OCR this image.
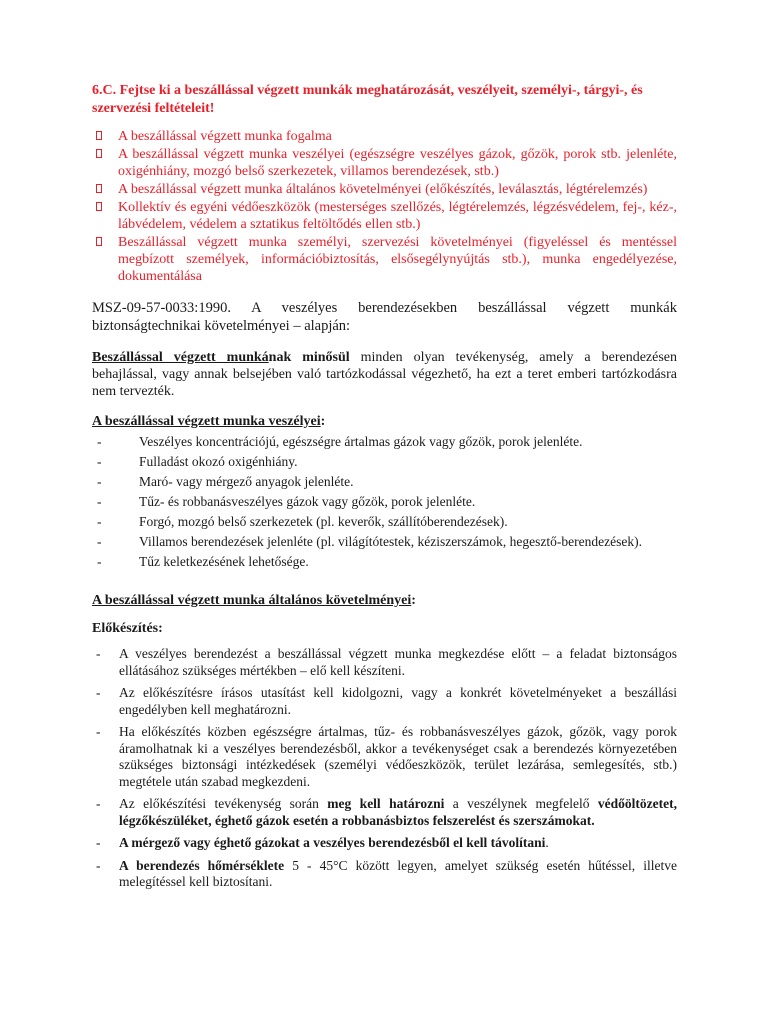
6.C. Fejtse ki a beszállással végzett munkák meghatározását, veszélyeit, személyi-, tárgyi-, és szervezési feltételeit!

A beszállással végzett munka fogalma
A beszállással végzett munka veszélyei (egészségre veszélyes gázok, gőzök, porok stb. jelenléte, oxigénhiány, mozgó belső szerkezetek, villamos berendezések, stb.)
A beszállással végzett munka általános követelményei (előkészítés, leválasztás, légtérelemzés)
Kollektív és egyéni védőeszközök (mesterséges szellőzés, légtérelemzés, légzésvédelem, fej-, kéz-, lábvédelem, védelem a sztatikus feltöltődés ellen stb.)
Beszállással végzett munka személyi, szervezési követelményei (figyeléssel és mentéssel megbízott személyek, információbiztosítás, elsősegélynyújtás stb.), munka engedélyezése, dokumentálása

MSZ-09-57-0033:1990. A veszélyes berendezésekben beszállással végzett munkák biztonságtechnikai követelményei – alapján:

Beszállással végzett munkának minősül minden olyan tevékenység, amely a berendezésen behajlással, vagy annak belsejében való tartózkodással végezhető, ha ezt a teret emberi tartózkodásra nem tervezték.

A beszállással végzett munka veszélyei:

-	Veszélyes koncentrációjú, egészségre ártalmas gázok vagy gőzök, porok jelenléte.
-	Fulladást okozó oxigénhiány.
-	Maró- vagy mérgező anyagok jelenléte.
-	Tűz- és robbanásveszélyes gázok vagy gőzök, porok jelenléte.
-	Forgó, mozgó belső szerkezetek (pl. keverők, szállítóberendezések).
-	Villamos berendezések jelenléte (pl. világítótestek, kéziszerszámok, hegesztő-berendezések).
-	Tűz keletkezésének lehetősége.

A beszállással végzett munka általános követelményei:

Előkészítés:

- A veszélyes berendezést a beszállással végzett munka megkezdése előtt – a feladat biztonságos ellátásához szükséges mértékben – elő kell készíteni.
- Az előkészítésre írásos utasítást kell kidolgozni, vagy a konkrét követelményeket a beszállási engedélyben kell meghatározni.
- Ha előkészítés közben egészségre ártalmas, tűz- és robbanásveszélyes gázok, gőzök, vagy porok áramolhatnak ki a veszélyes berendezésből, akkor a tevékenységet csak a berendezés környezetében szükséges biztonsági intézkedések (személyi védőeszközök, terület lezárása, semlegesítés, stb.) megtétele után szabad megkezdeni.
- Az előkészítési tevékenység során meg kell határozni a veszélynek megfelelő védőöltözetet, légzőkészüléket, éghető gázok esetén a robbanásbiztos felszerelést és szerszámokat.
- A mérgező vagy éghető gázokat a veszélyes berendezésből el kell távolítani.
- A berendezés hőmérséklete 5 - 45°C között legyen, amelyet szükség esetén hűtéssel, illetve melegítéssel kell biztosítani.
